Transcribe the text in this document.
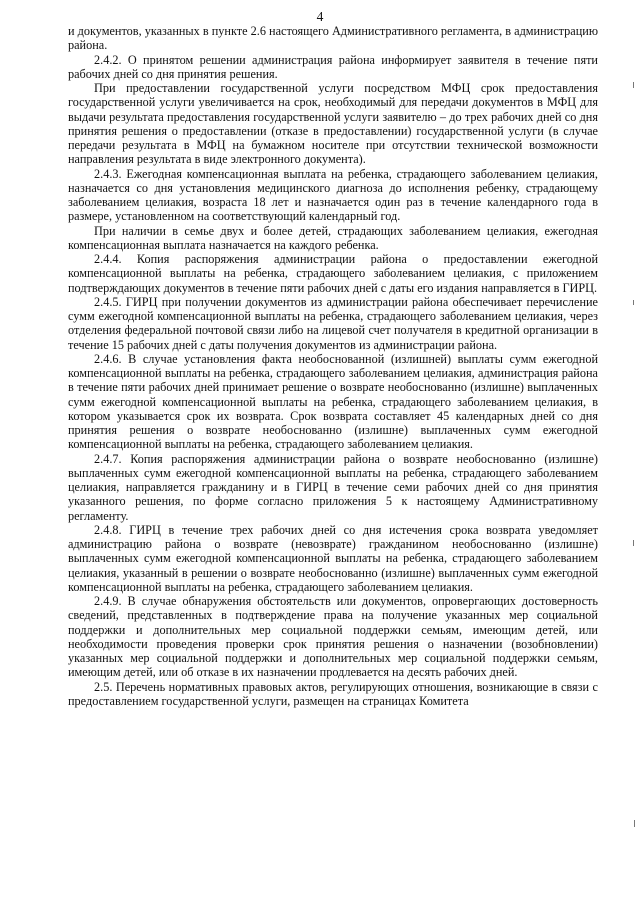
4

и документов, указанных в пункте 2.6 настоящего Административного регламента, в администрацию района.

2.4.2. О принятом решении администрация района информирует заявителя в течение пяти рабочих дней со дня принятия решения.

При предоставлении государственной услуги посредством МФЦ срок предоставления государственной услуги увеличивается на срок, необходимый для передачи документов в МФЦ для выдачи результата предоставления государственной услуги заявителю – до трех рабочих дней со дня принятия решения о предоставлении (отказе в предоставлении) государственной услуги (в случае передачи результата в МФЦ на бумажном носителе при отсутствии технической возможности направления результата в виде электронного документа).

2.4.3. Ежегодная компенсационная выплата на ребенка, страдающего заболеванием целиакия, назначается со дня установления медицинского диагноза до исполнения ребенку, страдающему заболеванием целиакия, возраста 18 лет и назначается один раз в течение календарного года в размере, установленном на соответствующий календарный год.

При наличии в семье двух и более детей, страдающих заболеванием целиакия, ежегодная компенсационная выплата назначается на каждого ребенка.

2.4.4. Копия распоряжения администрации района о предоставлении ежегодной компенсационной выплаты на ребенка, страдающего заболеванием целиакия, с приложением подтверждающих документов в течение пяти рабочих дней с даты его издания направляется в ГИРЦ.

2.4.5. ГИРЦ при получении документов из администрации района обеспечивает перечисление сумм ежегодной компенсационной выплаты на ребенка, страдающего заболеванием целиакия, через отделения федеральной почтовой связи либо на лицевой счет получателя в кредитной организации в течение 15 рабочих дней с даты получения документов из администрации района.

2.4.6. В случае установления факта необоснованной (излишней) выплаты сумм ежегодной компенсационной выплаты на ребенка, страдающего заболеванием целиакия, администрация района в течение пяти рабочих дней принимает решение о возврате необоснованно (излишне) выплаченных сумм ежегодной компенсационной выплаты на ребенка, страдающего заболеванием целиакия, в котором указывается срок их возврата. Срок возврата составляет 45 календарных дней со дня принятия решения о возврате необоснованно (излишне) выплаченных сумм ежегодной компенсационной выплаты на ребенка, страдающего заболеванием целиакия.

2.4.7. Копия распоряжения администрации района о возврате необоснованно (излишне) выплаченных сумм ежегодной компенсационной выплаты на ребенка, страдающего заболеванием целиакия, направляется гражданину и в ГИРЦ в течение семи рабочих дней со дня принятия указанного решения, по форме согласно приложения 5 к настоящему Административному регламенту.

2.4.8. ГИРЦ в течение трех рабочих дней со дня истечения срока возврата уведомляет администрацию района о возврате (невозврате) гражданином необоснованно (излишне) выплаченных сумм ежегодной компенсационной выплаты на ребенка, страдающего заболеванием целиакия, указанный в решении о возврате необоснованно (излишне) выплаченных сумм ежегодной компенсационной выплаты на ребенка, страдающего заболеванием целиакия.

2.4.9. В случае обнаружения обстоятельств или документов, опровергающих достоверность сведений, представленных в подтверждение права на получение указанных мер социальной поддержки и дополнительных мер социальной поддержки семьям, имеющим детей, или необходимости проведения проверки срок принятия решения о назначении (возобновлении) указанных мер социальной поддержки и дополнительных мер социальной поддержки семьям, имеющим детей, или об отказе в их назначении продлевается на десять рабочих дней.

2.5. Перечень нормативных правовых актов, регулирующих отношения, возникающие в связи с предоставлением государственной услуги, размещен на страницах Комитета
